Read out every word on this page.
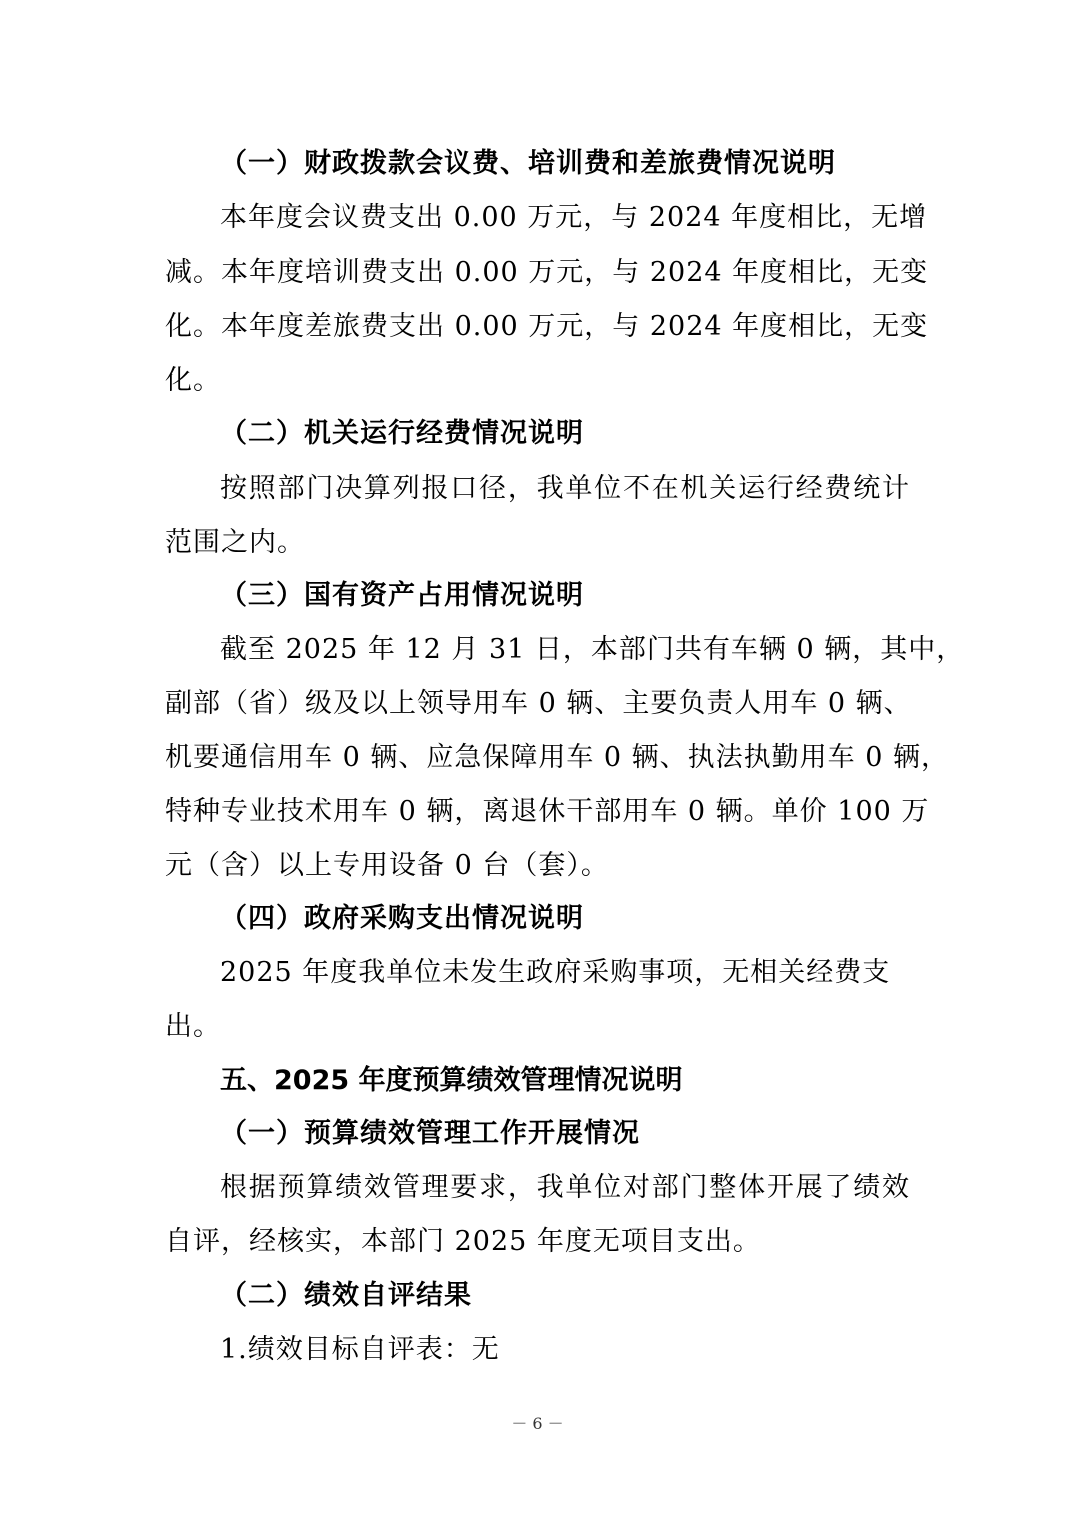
（一）财政拨款会议费、培训费和差旅费情况说明
本年度会议费支出 0.00 万元，与 2024 年度相比，无增
减。本年度培训费支出 0.00 万元，与 2024 年度相比，无变
化。本年度差旅费支出 0.00 万元，与 2024 年度相比，无变
化。
（二）机关运行经费情况说明
按照部门决算列报口径，我单位不在机关运行经费统计
范围之内。
（三）国有资产占用情况说明
截至 2025 年 12 月 31 日，本部门共有车辆 0 辆，其中，
副部（省）级及以上领导用车 0 辆、主要负责人用车 0 辆、
机要通信用车 0 辆、应急保障用车 0 辆、执法执勤用车 0 辆，
特种专业技术用车 0 辆，离退休干部用车 0 辆。单价 100 万
元（含）以上专用设备 0 台（套）。
（四）政府采购支出情况说明
2025 年度我单位未发生政府采购事项，无相关经费支
出。
五、2025 年度预算绩效管理情况说明
（一）预算绩效管理工作开展情况
根据预算绩效管理要求，我单位对部门整体开展了绩效
自评，经核实，本部门 2025 年度无项目支出。
（二）绩效自评结果
1.绩效目标自评表：无
－ 6 －
